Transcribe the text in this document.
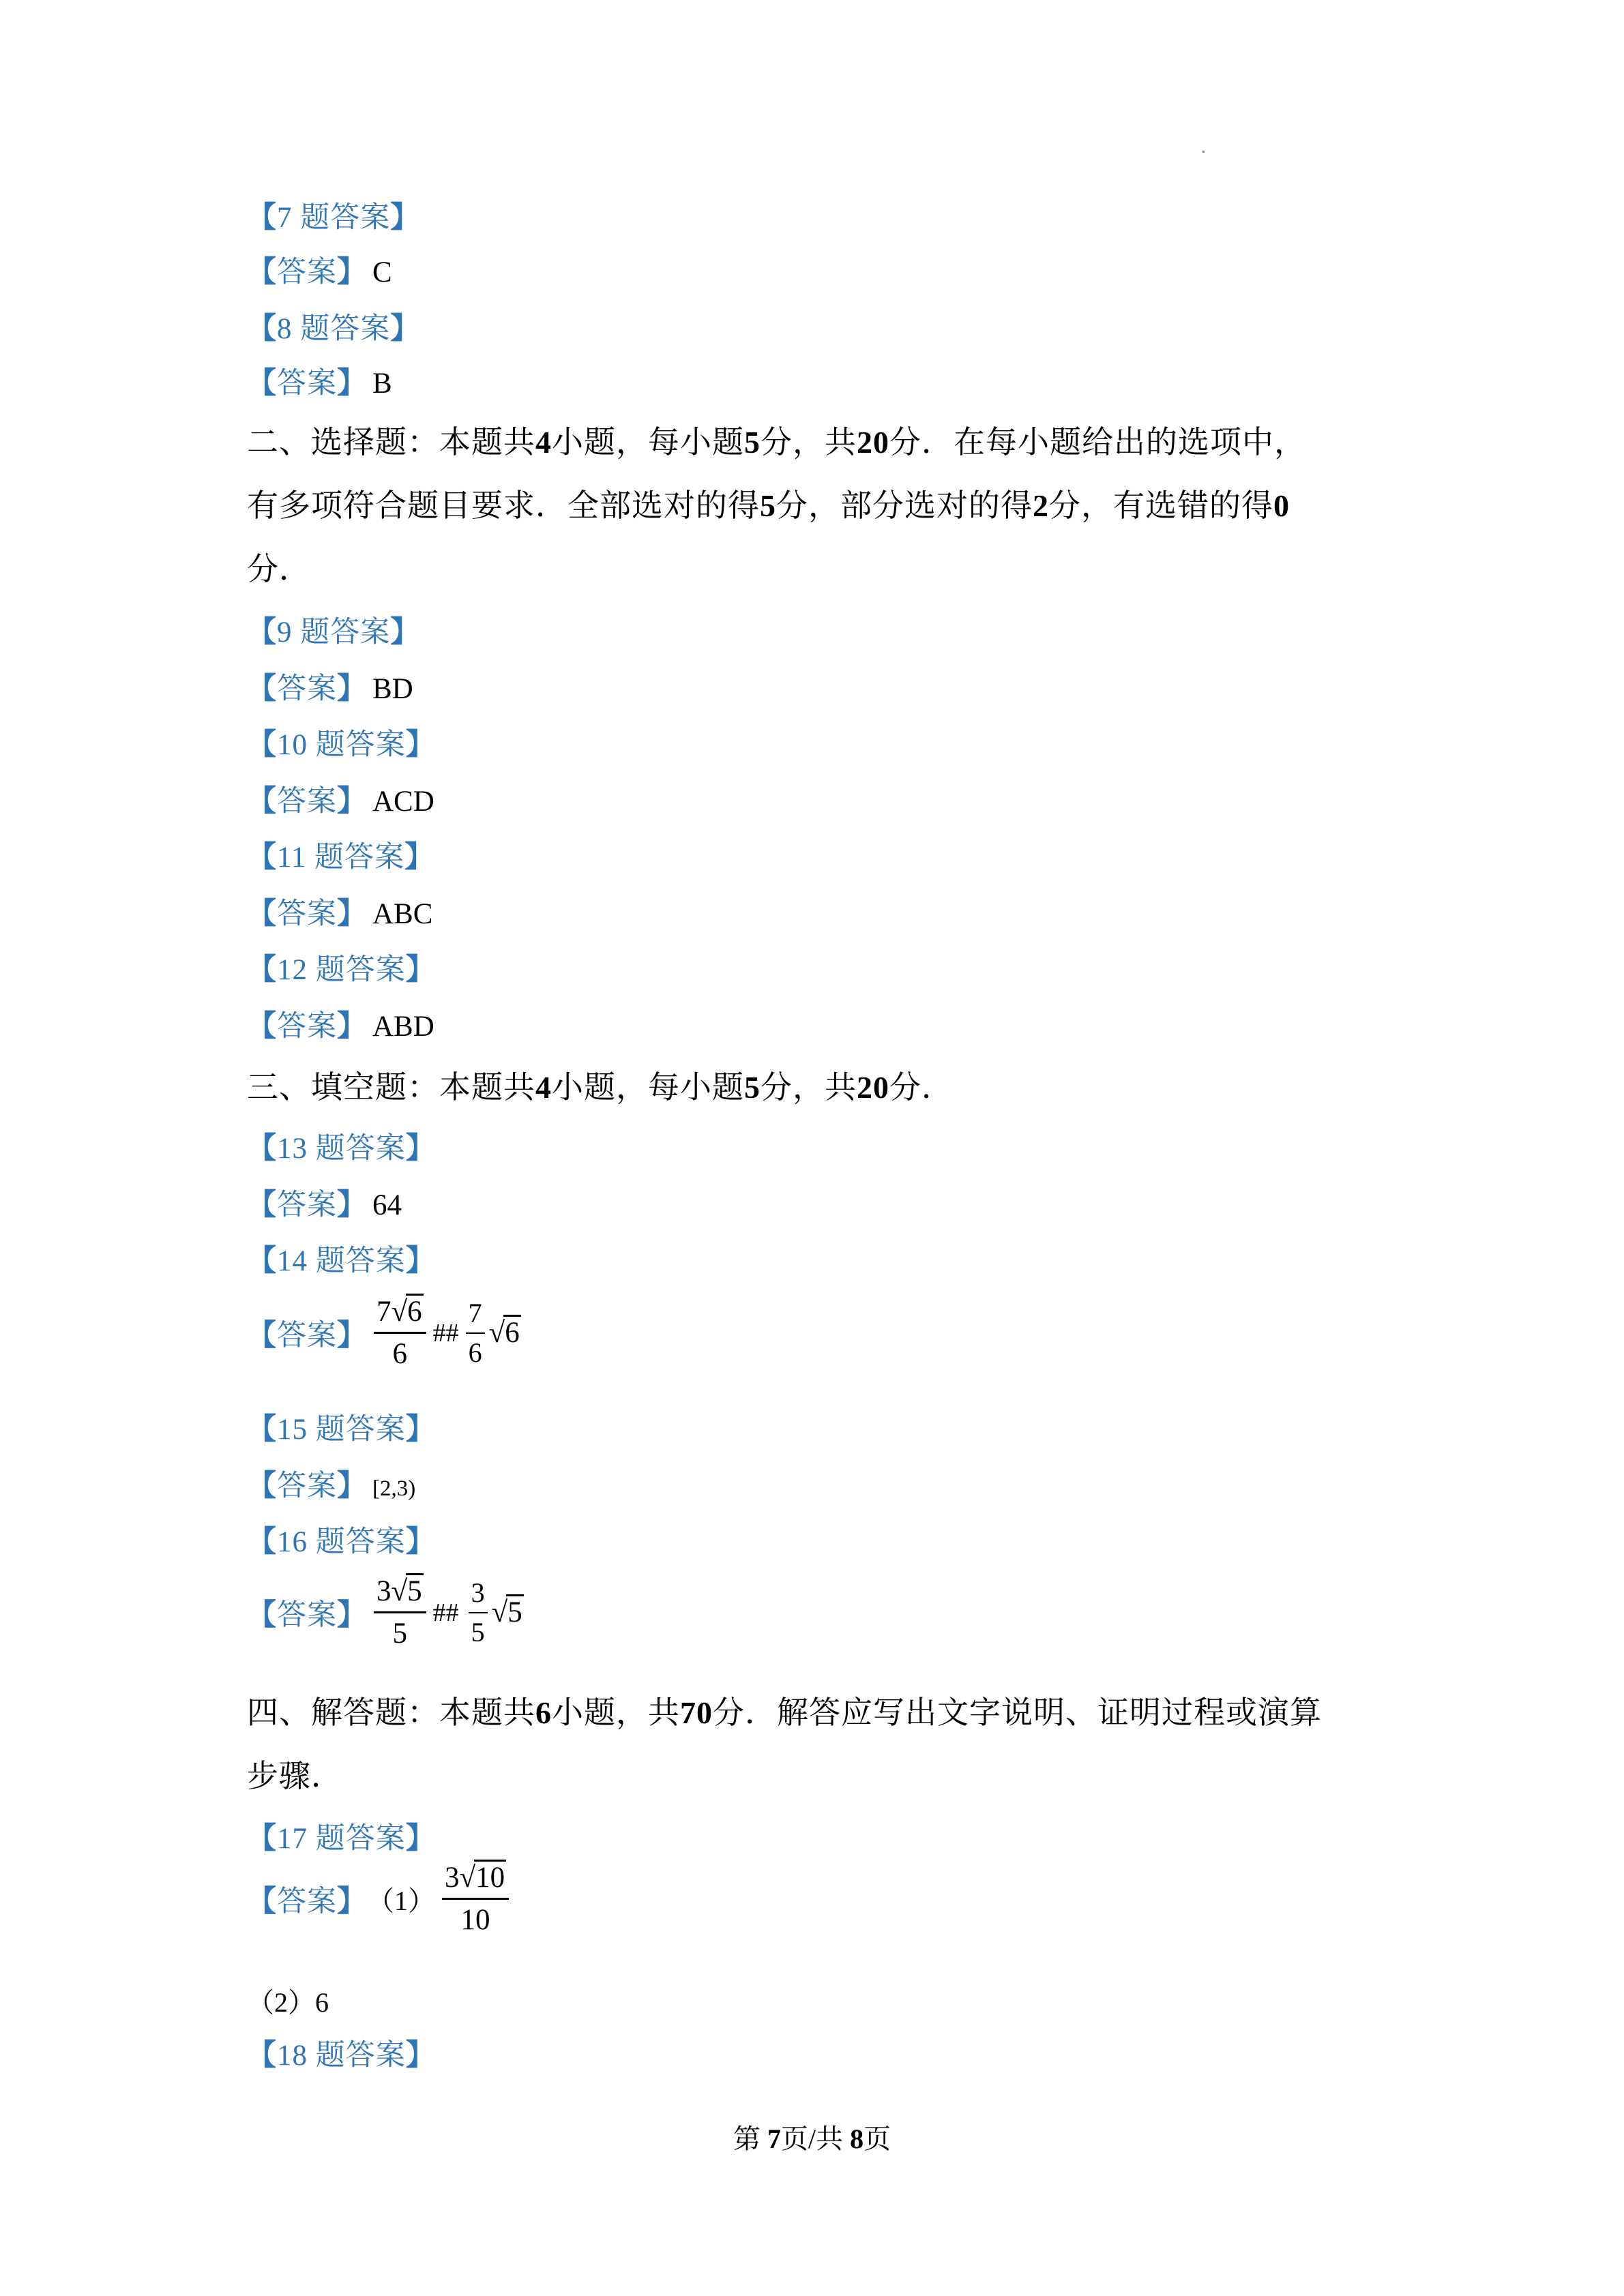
【7 题答案】
【答案】 C
【8 题答案】
【答案】 B
二、选择题：本题共4小题，每小题5分，共20分．在每小题给出的选项中，
有多项符合题目要求．全部选对的得5分，部分选对的得2分，有选错的得0
分．
【9 题答案】
【答案】 BD
【10 题答案】
【答案】 ACD
【11 题答案】
【答案】 ABC
【12 题答案】
【答案】 ABD
三、填空题：本题共4小题，每小题5分，共20分．
【13 题答案】
【答案】 64
【14 题答案】
【答案】 $\frac{7√6}{6}$ ## $\frac{7}{6} √6$
【15 题答案】
【答案】 [2,3)
【16 题答案】
【答案】 $\frac{3√5}{5}$ ## $\frac{3}{5} √5$
四、解答题：本题共6小题，共70分．解答应写出文字说明、证明过程或演算
步骤．
【17 题答案】
【答案】$(1) \frac{3√10}{10}$
（2）6
【18 题答案】
第 7页/共 8页
